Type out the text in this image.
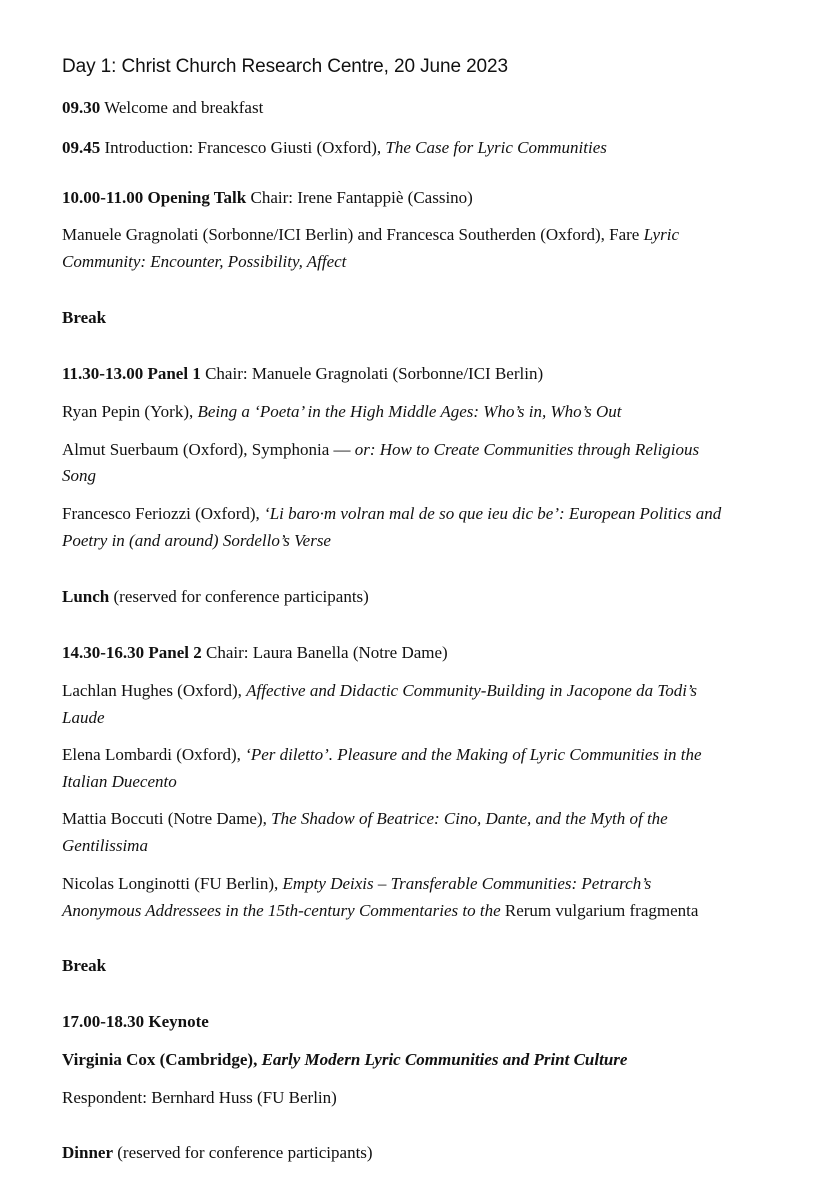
Day 1: Christ Church Research Centre, 20 June 2023
09.30 Welcome and breakfast
09.45 Introduction: Francesco Giusti (Oxford), The Case for Lyric Communities
10.00-11.00 Opening Talk Chair: Irene Fantappiè (Cassino)
Manuele Gragnolati (Sorbonne/ICI Berlin) and Francesca Southerden (Oxford), Fare Lyric
Community: Encounter, Possibility, Affect
Break
11.30-13.00 Panel 1 Chair: Manuele Gragnolati (Sorbonne/ICI Berlin)
Ryan Pepin (York), Being a ‘Poeta’ in the High Middle Ages: Who’s in, Who’s Out
Almut Suerbaum (Oxford), Symphonia — or: How to Create Communities through Religious
Song
Francesco Feriozzi (Oxford), ‘Li baro·m volran mal de so que ieu dic be’: European Politics and
Poetry in (and around) Sordello’s Verse
Lunch (reserved for conference participants)
14.30-16.30 Panel 2 Chair: Laura Banella (Notre Dame)
Lachlan Hughes (Oxford), Affective and Didactic Community-Building in Jacopone da Todi’s
Laude
Elena Lombardi (Oxford), ‘Per diletto’. Pleasure and the Making of Lyric Communities in the
Italian Duecento
Mattia Boccuti (Notre Dame), The Shadow of Beatrice: Cino, Dante, and the Myth of the
Gentilissima
Nicolas Longinotti (FU Berlin), Empty Deixis – Transferable Communities: Petrarch’s
Anonymous Addressees in the 15th-century Commentaries to the Rerum vulgarium fragmenta
Break
17.00-18.30 Keynote
Virginia Cox (Cambridge), Early Modern Lyric Communities and Print Culture
Respondent: Bernhard Huss (FU Berlin)
Dinner (reserved for conference participants)
